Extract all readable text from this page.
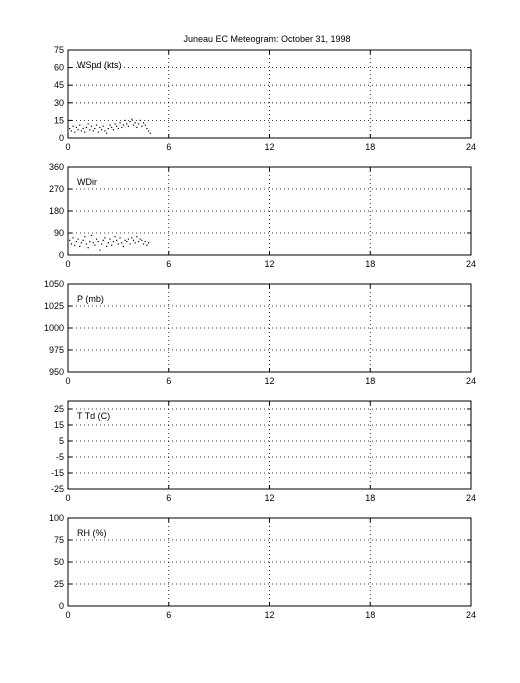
Juneau EC Meteogram: October 31, 1998
0
15
30
45
60
75
0	6	12	18	24
WSpd (kts)
0
90
180
270
360
0	6	12	18	24
WDir
950
975
1000
1025
1050
0	6	12	18	24
P (mb)
-25
-15
-5
5
15
25
0	6	12	18	24
T Td (C)
0
25
50
75
100
0	6	12	18	24
RH (%)
